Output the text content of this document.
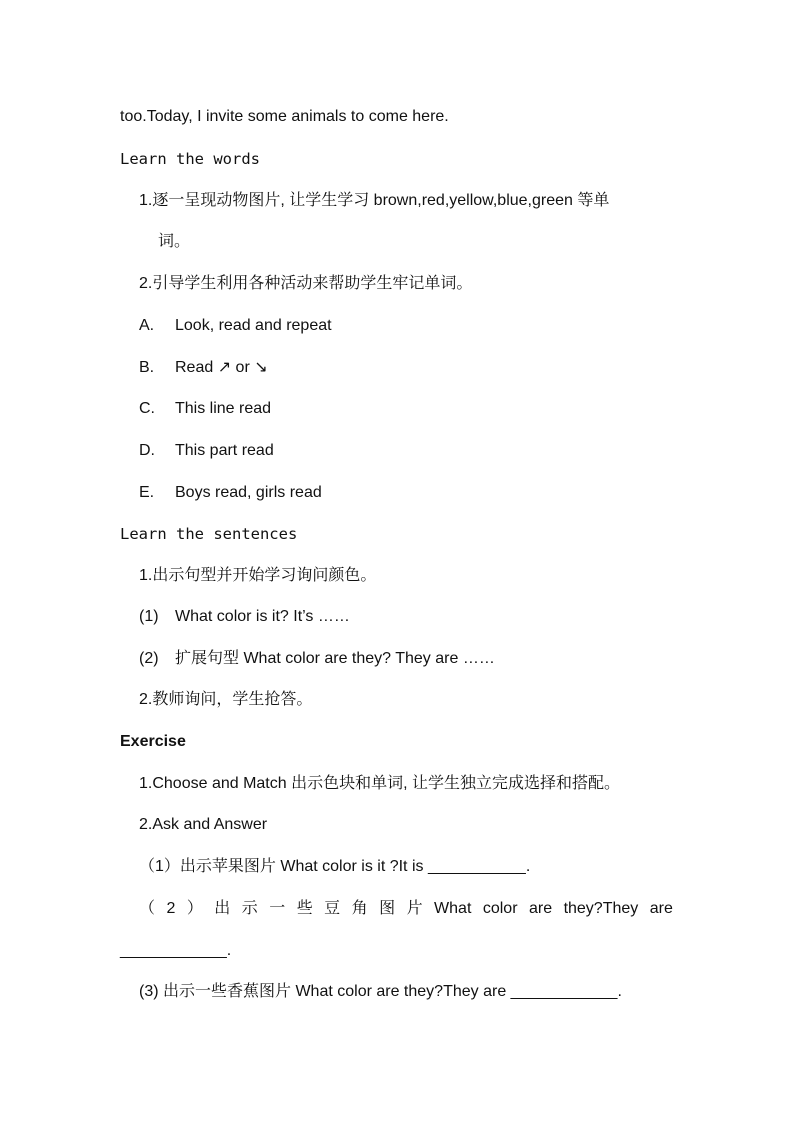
too.Today, I invite some animals to come here.
Learn the words
1.逐一呈现动物图片, 让学生学习 brown,red,yellow,blue,green 等单
词。
2.引导学生利用各种活动来帮助学生牢记单词。
A. Look, read and repeat
B. Read ↗ or ↘
C. This line read
D. This part read
E. Boys read, girls read
Learn the sentences
1.出示句型并开始学习询问颜色。
(1) What color is it? It’s ……
(2) 扩展句型 What color are they? They are ……
2.教师询问，学生抢答。
Exercise
1.Choose and Match 出示色块和单词, 让学生独立完成选择和搭配。
2.Ask and Answer
（1）出示苹果图片 What color is it ?It is ___________.
（ 2 ） 出 示 一 些 豆 角 图 片 What color are they?They are
____________.
(3) 出示一些香蕉图片 What color are they?They are ____________.
